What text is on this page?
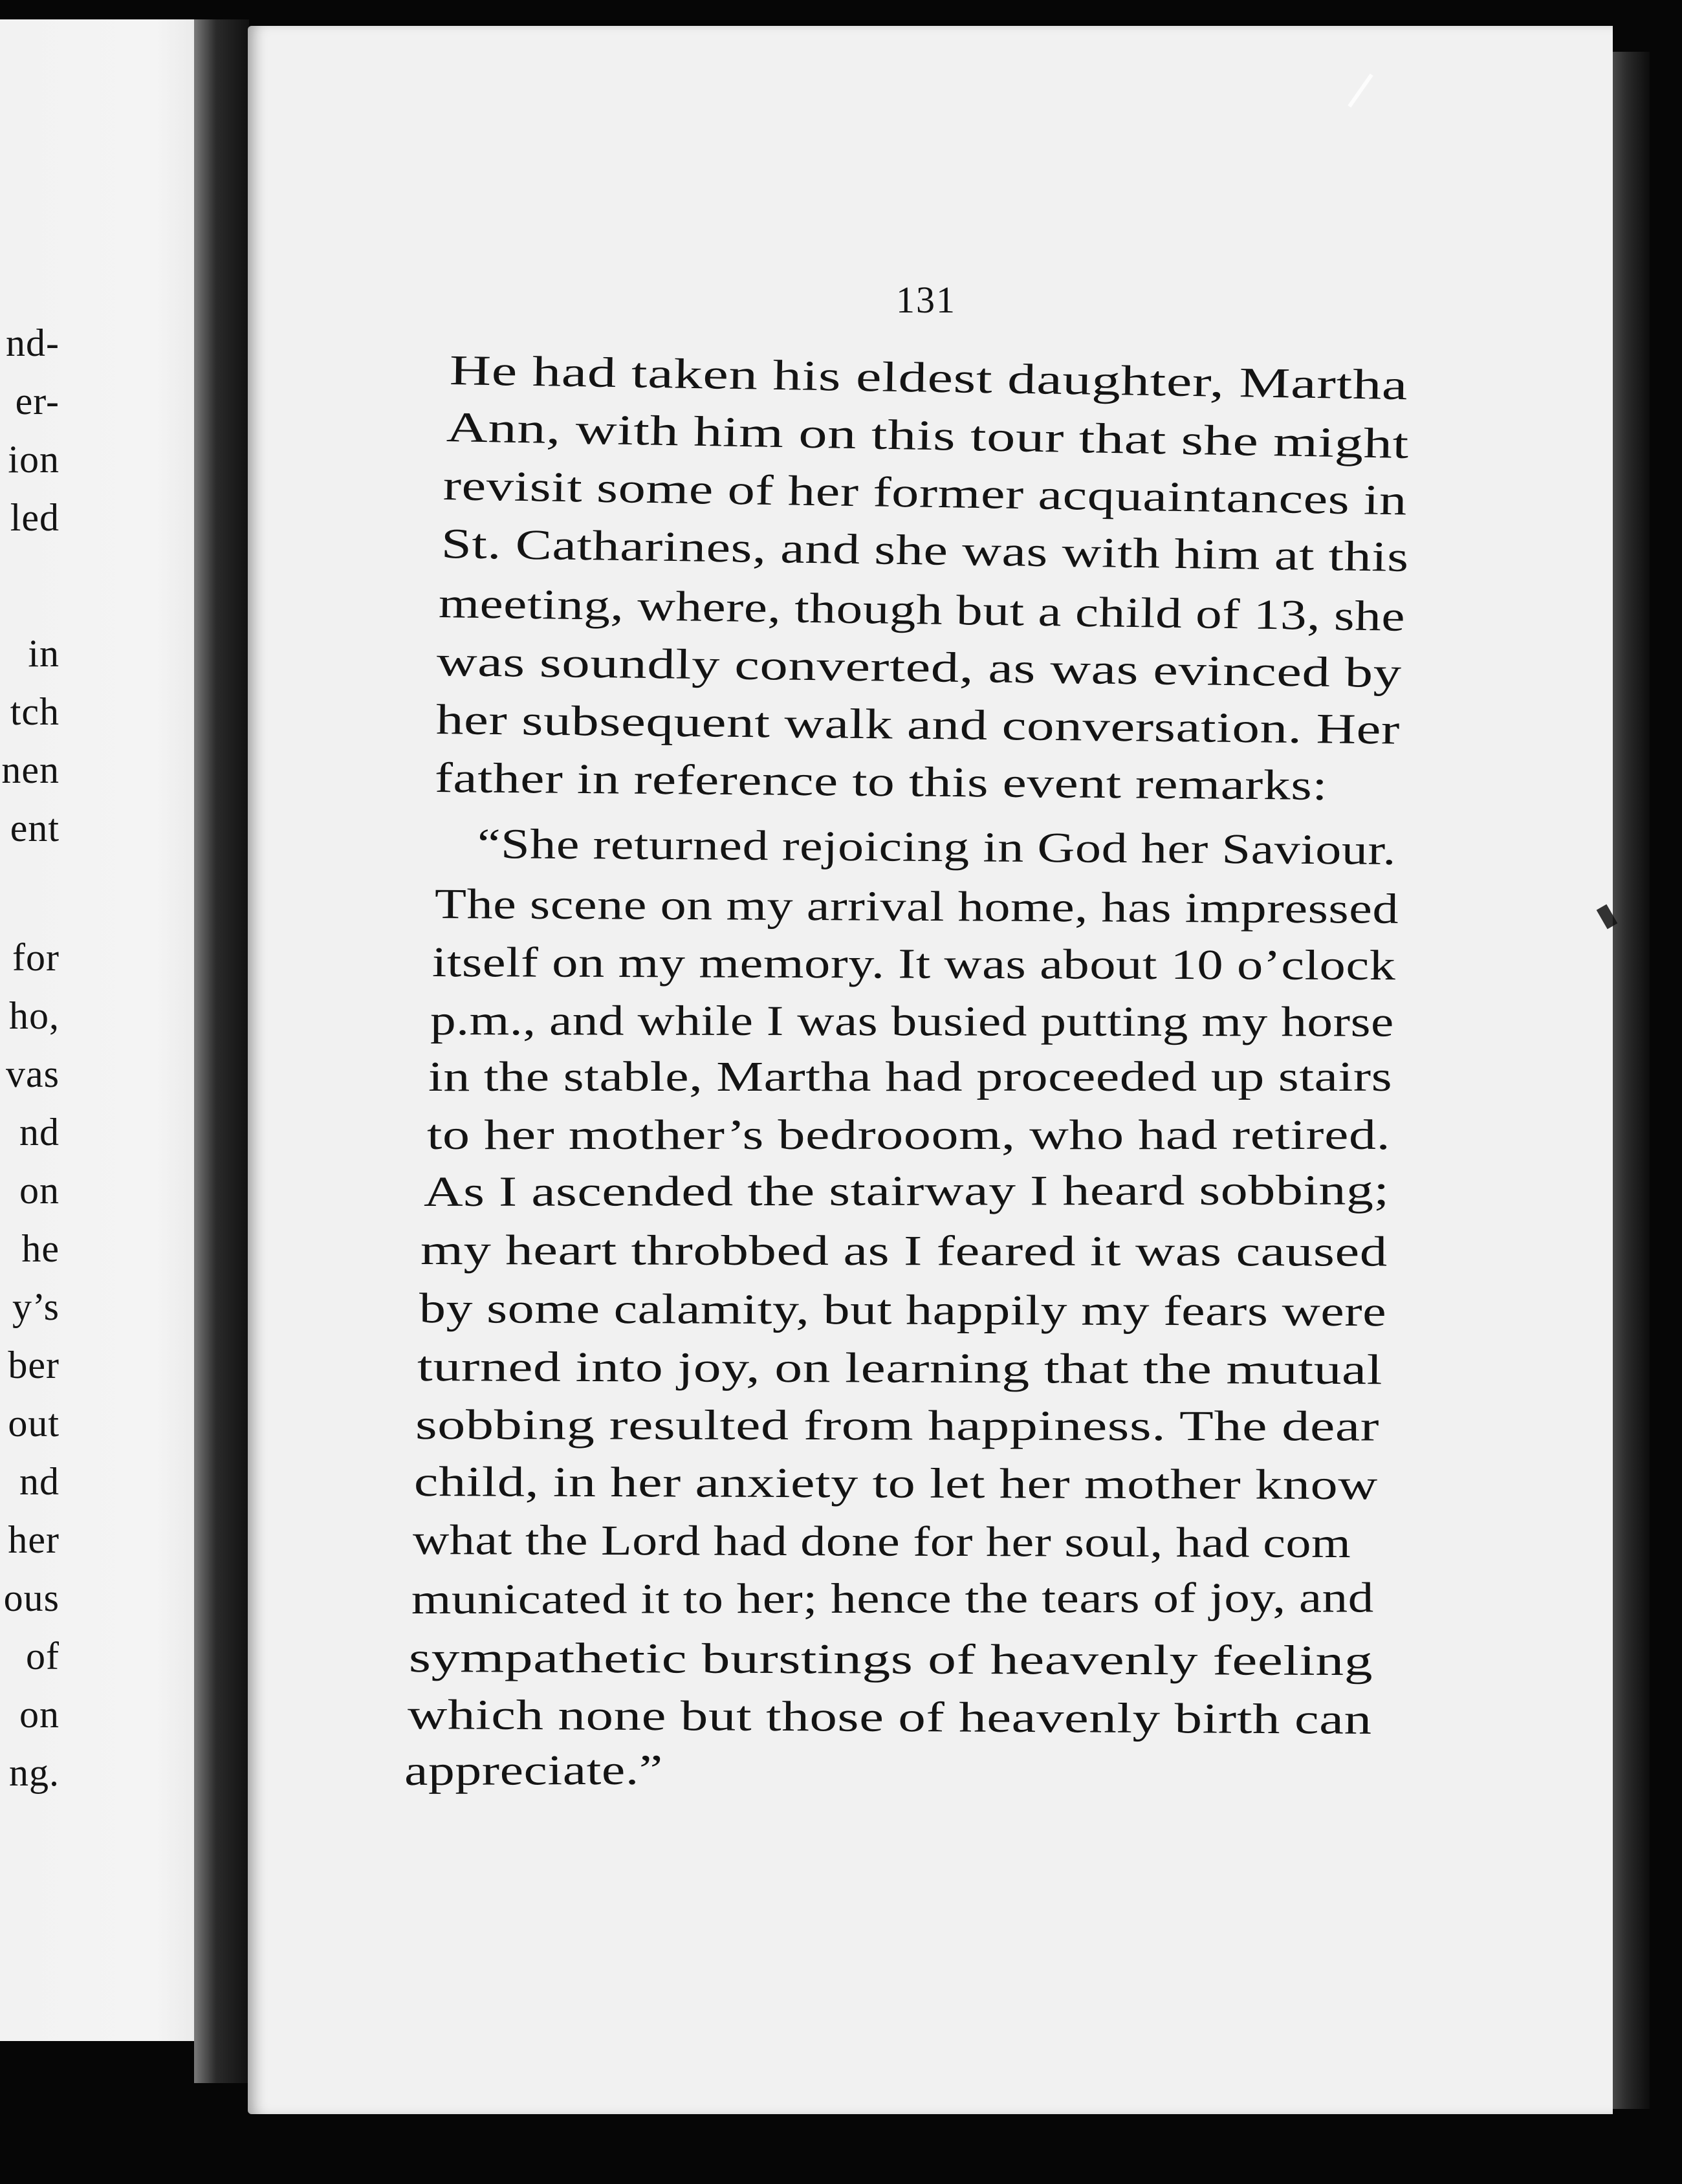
nd-
er-
ion
led
in
tch
nen
ent
for
ho,
vas
nd
on
he
y’s
ber
out
nd
her
ous
of
on
ng.
131
He had taken his eldest daughter, Martha
Ann, with him on this tour that she might
revisit some of her former acquaintances in
St. Catharines, and she was with him at this
meeting, where, though but a child of 13, she
was soundly converted, as was evinced by
her subsequent walk and conversation. Her
father in reference to this event remarks:
“She returned rejoicing in God her Saviour.
The scene on my arrival home, has impressed
itself on my memory. It was about 10 o’clock
p.m., and while I was busied putting my horse
in the stable, Martha had proceeded up stairs
to her mother’s bedrooom, who had retired.
As I ascended the stairway I heard sobbing;
my heart throbbed as I feared it was caused
by some calamity, but happily my fears were
turned into joy, on learning that the mutual
sobbing resulted from happiness. The dear
child, in her anxiety to let her mother know
what the Lord had done for her soul, had com
municated it to her; hence the tears of joy, and
sympathetic burstings of heavenly feeling
which none but those of heavenly birth can
appreciate.”
